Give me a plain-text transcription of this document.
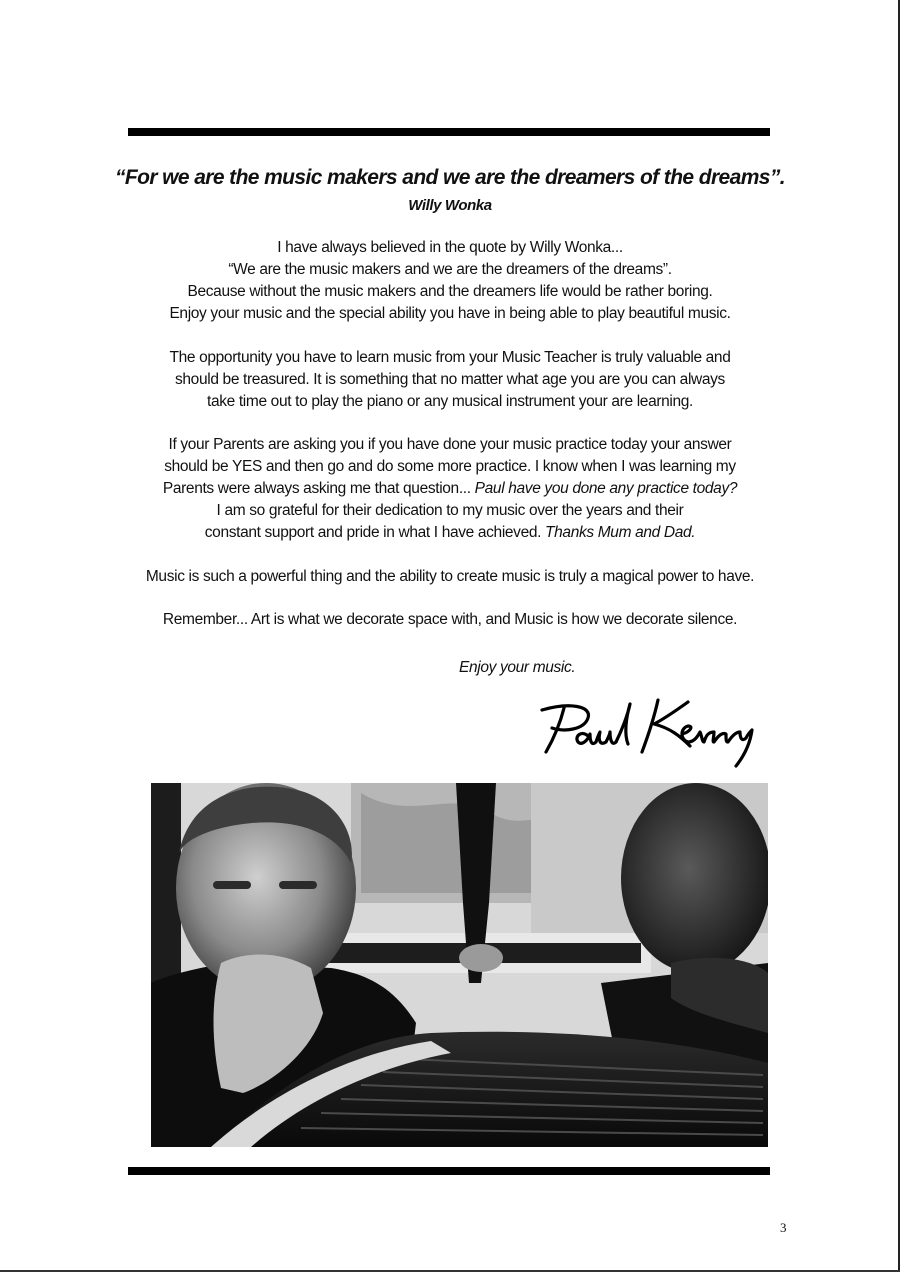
“For we are the music makers and we are the dreamers of the dreams”.
Willy Wonka
I have always believed in the quote by Willy Wonka...
“We are the music makers and we are the dreamers of the dreams”.
Because without the music makers and the dreamers life would be rather boring.
Enjoy your music and the special ability you have in being able to play beautiful music.
The opportunity you have to learn music from your Music Teacher is truly valuable and
should be treasured. It is something that no matter what age you are you can always
take time out to play the piano or any musical instrument your are learning.
If your Parents are asking you if you have done your music practice today your answer
should be YES and then go and do some more practice. I know when I was learning my
Parents were always asking me that question... Paul have you done any practice today?
I am so grateful for their dedication to my music over the years and their
constant support and pride in what I have achieved. Thanks Mum and Dad.
Music is such a powerful thing and the ability to create music is truly a magical power to have.
Remember... Art is what we decorate space with, and Music is how we decorate silence.
Enjoy your music.
3
